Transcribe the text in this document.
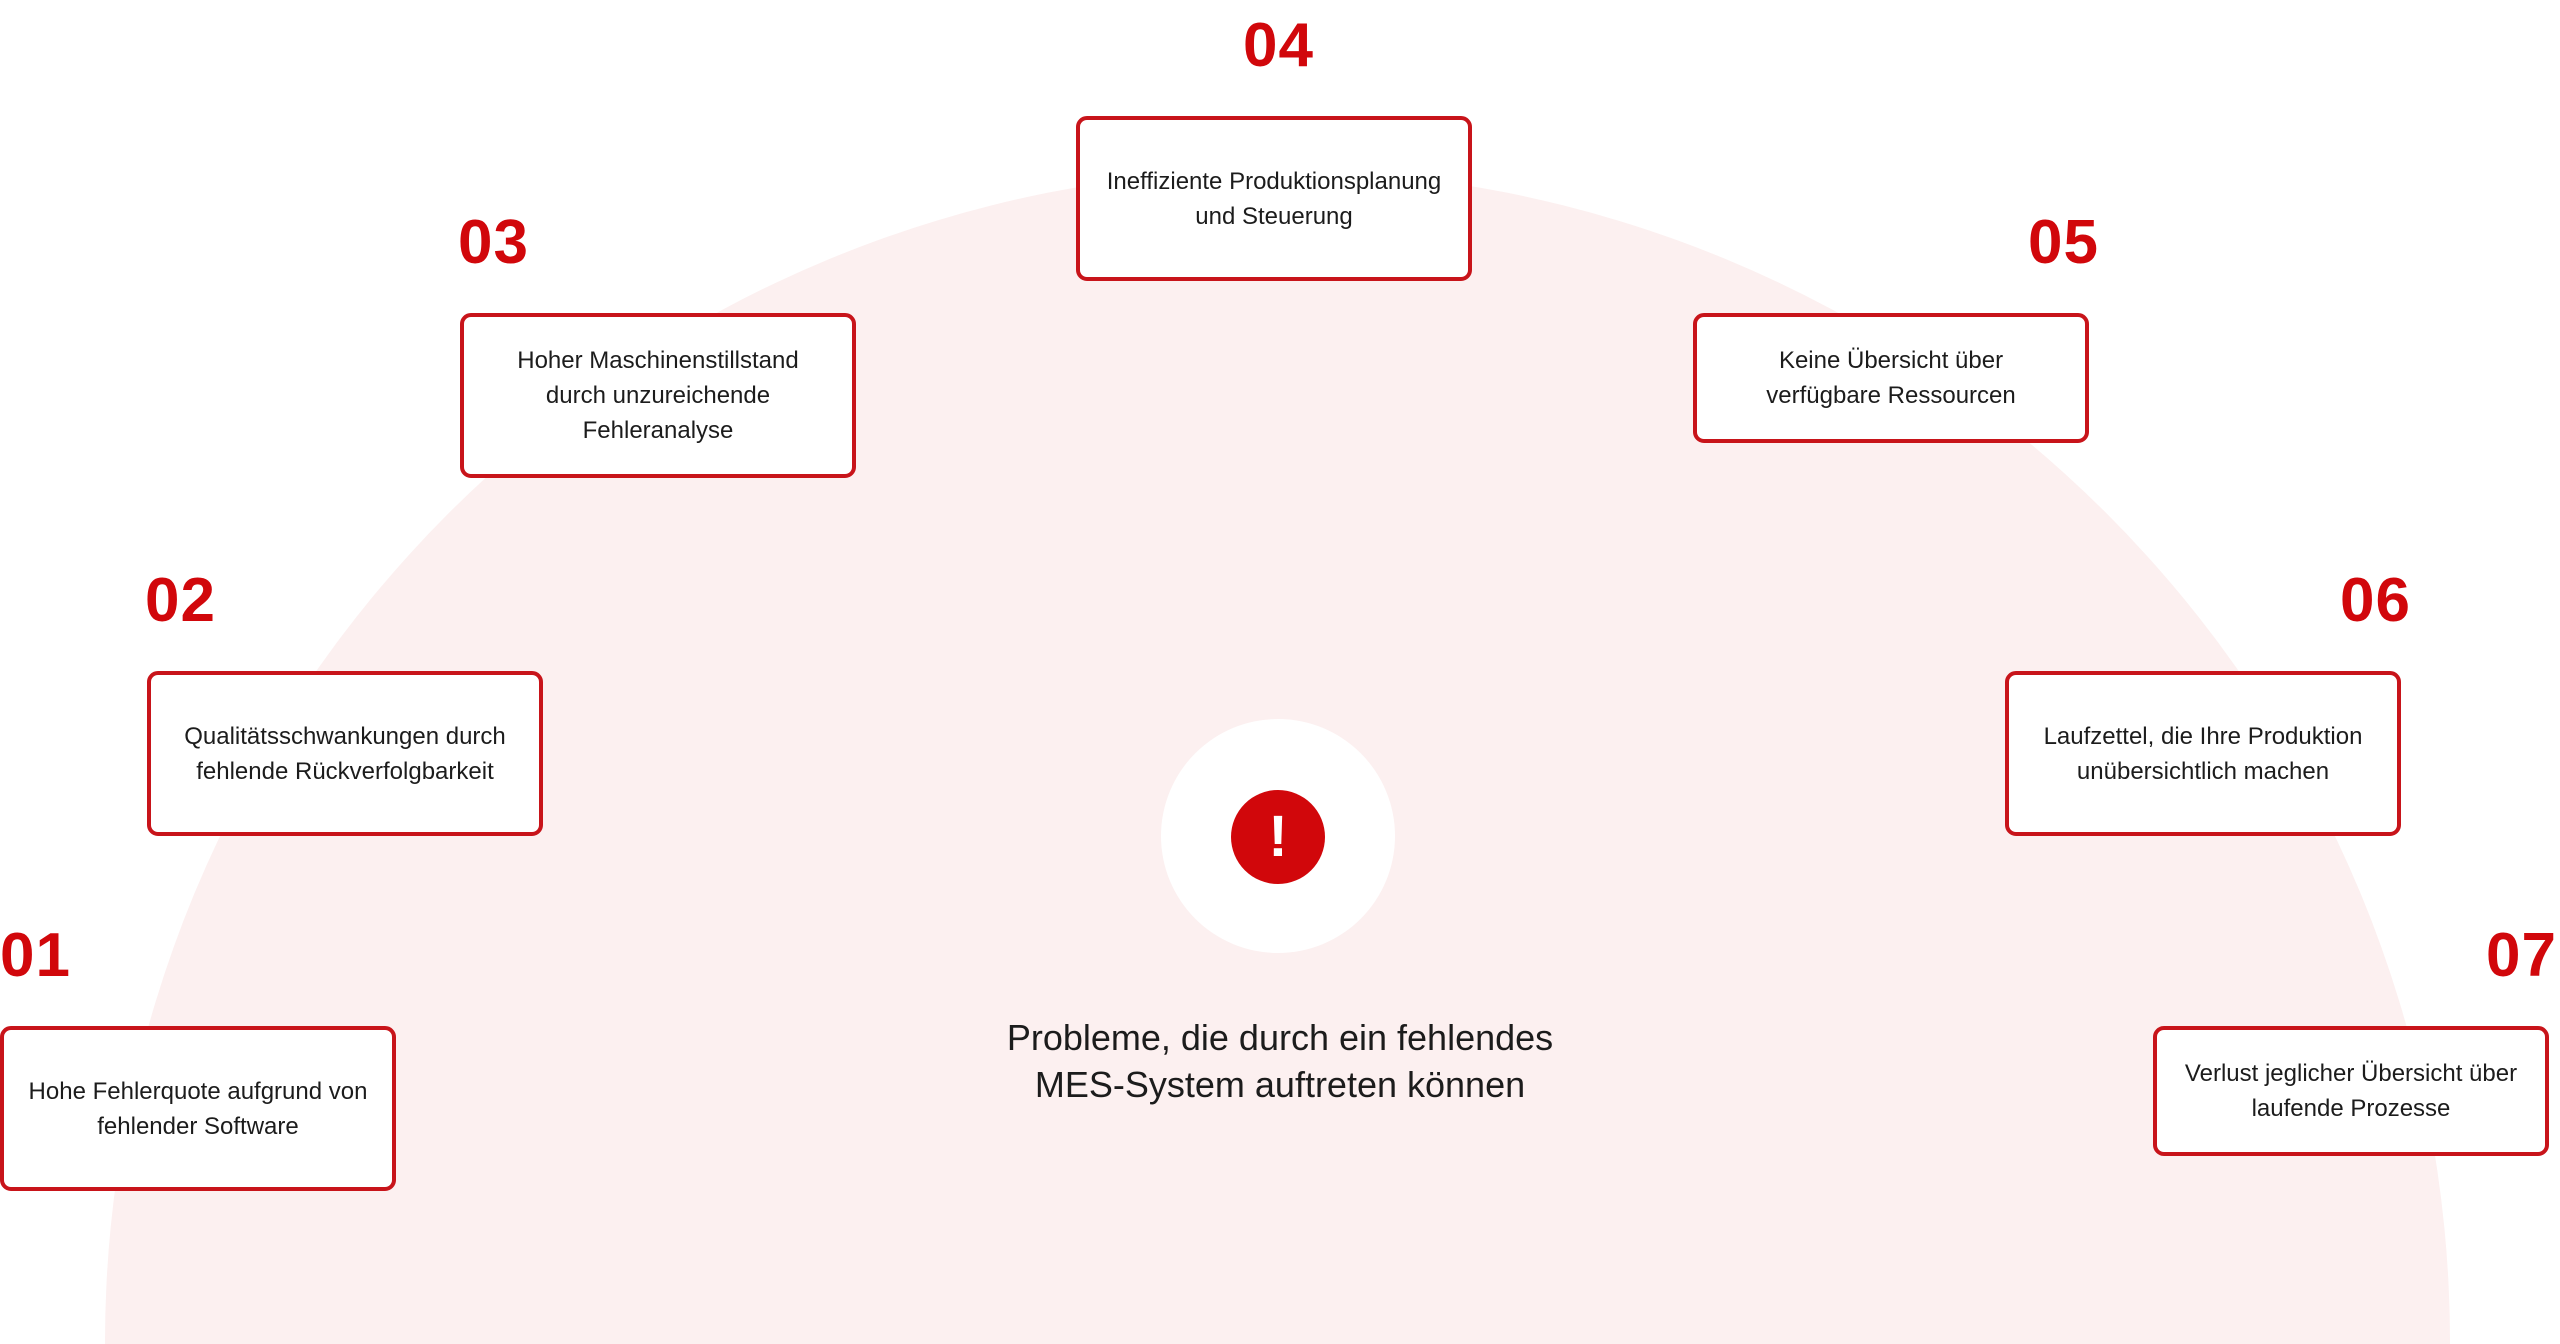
01
Hohe Fehlerquote aufgrund von fehlender Software
02
Qualitätsschwankungen durch fehlende Rückverfolgbarkeit
03
Hoher Maschinenstillstand durch unzureichende Fehleranalyse
04
Ineffiziente Produktionsplanung und Steuerung	05
Keine Übersicht über verfügbare Ressourcen
06
Laufzettel, die Ihre Produktion unübersichtlich machen
07
Verlust jeglicher Übersicht über laufende Prozesse
!
Probleme, die durch ein fehlendes
MES-System auftreten können
